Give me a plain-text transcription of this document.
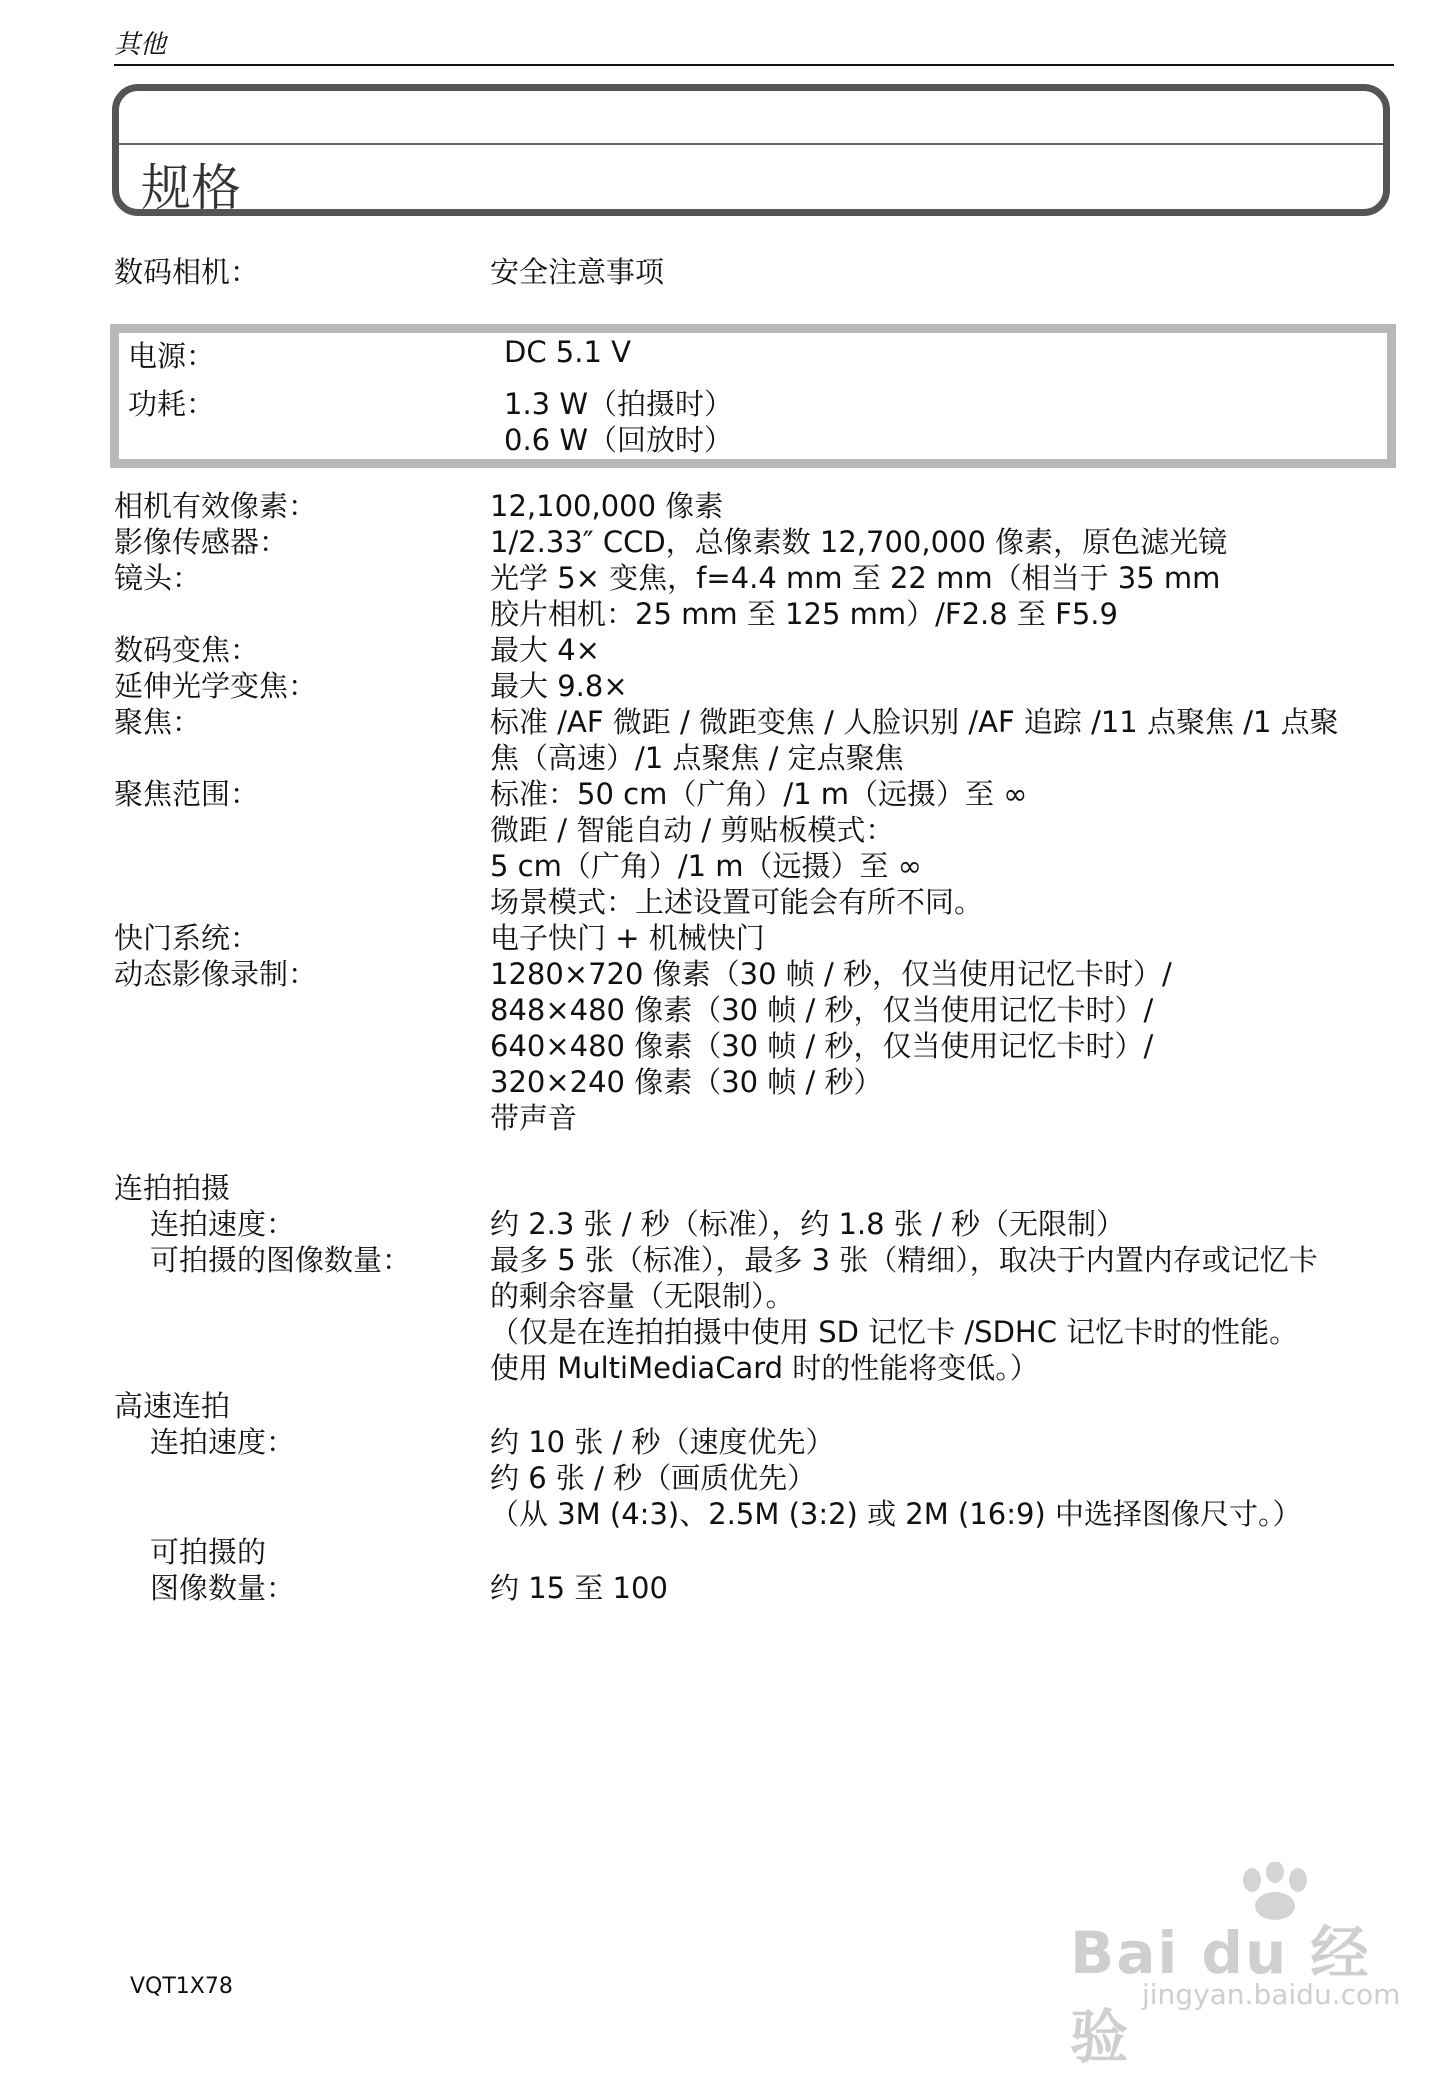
其他
规格
数码相机：	安全注意事项
电源：	DC 5.1 V
功耗：	1.3 W（拍摄时）
0.6 W（回放时）
相机有效像素：	12,100,000 像素
影像传感器：	1/2.33″ CCD，总像素数 12,700,000 像素，原色滤光镜
镜头：	光学 5× 变焦，f=4.4 mm 至 22 mm（相当于 35 mm
胶片相机：25 mm 至 125 mm）/F2.8 至 F5.9
数码变焦：	最大 4×
延伸光学变焦：	最大 9.8×
聚焦：	标准 /AF 微距 / 微距变焦 / 人脸识别 /AF 追踪 /11 点聚焦 /1 点聚
焦（高速）/1 点聚焦 / 定点聚焦
聚焦范围：	标准：50 cm（广角）/1 m（远摄）至 ∞
微距 / 智能自动 / 剪贴板模式：
5 cm（广角）/1 m（远摄）至 ∞
场景模式：上述设置可能会有所不同。
快门系统：	电子快门 + 机械快门
动态影像录制：	1280×720 像素（30 帧 / 秒，仅当使用记忆卡时）/
848×480 像素（30 帧 / 秒，仅当使用记忆卡时）/
640×480 像素（30 帧 / 秒，仅当使用记忆卡时）/
320×240 像素（30 帧 / 秒）
带声音
连拍拍摄
连拍速度：	约 2.3 张 / 秒（标准），约 1.8 张 / 秒（无限制）
可拍摄的图像数量：	最多 5 张（标准），最多 3 张（精细），取决于内置内存或记忆卡
的剩余容量（无限制）。
（仅是在连拍拍摄中使用 SD 记忆卡 /SDHC 记忆卡时的性能。
使用 MultiMediaCard 时的性能将变低。）
高速连拍
连拍速度：	约 10 张 / 秒（速度优先）
约 6 张 / 秒（画质优先）
（从 3M (4:3)、2.5M (3:2) 或 2M (16:9) 中选择图像尺寸。）
可拍摄的
图像数量：	约 15 至 100
VQT1X78	Bai du 经验
jingyan.baidu.com
